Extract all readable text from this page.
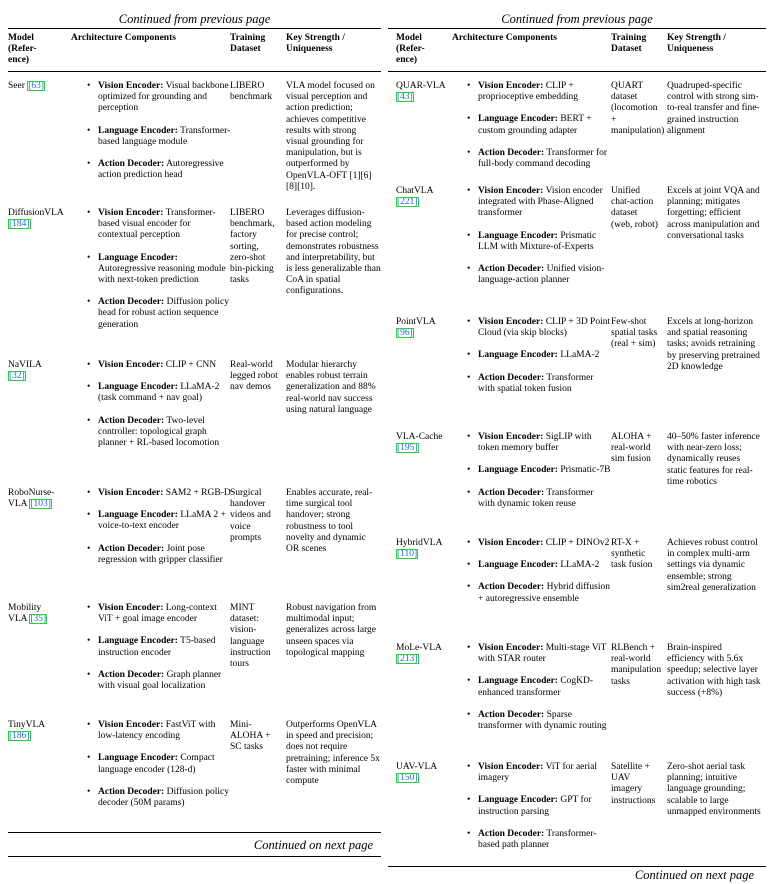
Continued from previous page
Model (Refer- ence)
Architecture Components	Training Dataset
Key Strength / Uniqueness
Seer [63]
•	Vision Encoder: Visual backbone optimized for grounding and perception
• Language Encoder: Transformer-based language module
• Action Decoder: Autoregressive action prediction head
LIBERO benchmark
VLA model focused on visual perception and action prediction; achieves competitive results with strong visual grounding for manipulation, but is outperformed by OpenVLA-OFT [1][6][8][10].
DiffusionVLA [184]
• Vision Encoder: Transformer-based visual encoder for contextual perception
• Language Encoder: Autoregressive reasoning module with next-token prediction
• Action Decoder: Diffusion policy head for robust action sequence generation
LIBERO benchmark, factory sorting, zero-shot bin-picking tasks
Leverages diffusion-based action modeling for precise control; demonstrates robustness and interpretability, but is less generalizable than CoA in spatial configurations.
NaVILA [32]
• Vision Encoder: CLIP + CNN
• Language Encoder: LLaMA-2 (task command + nav goal)
• Action Decoder: Two-level controller: topological graph planner + RL-based locomotion
Real-world legged robot nav demos
Modular hierarchy enables robust terrain generalization and 88% real-world nav success using natural language
RoboNurse-VLA [103]
• Vision Encoder: SAM2 + RGB-D
• Language Encoder: LLaMA 2 + voice-to-text encoder
• Action Decoder: Joint pose regression with gripper classifier
Surgical handover videos and voice prompts
Enables accurate, real-time surgical tool handover; strong robustness to tool novelty and dynamic OR scenes
Mobility VLA [35]
• Vision Encoder: Long-context ViT + goal image encoder
• Language Encoder: T5-based instruction encoder
• Action Decoder: Graph planner with visual goal localization
MINT dataset: vision-language instruction tours
Robust navigation from multimodal input; generalizes across large unseen spaces via topological mapping
TinyVLA [186]
• Vision Encoder: FastViT with low-latency encoding
• Language Encoder: Compact language encoder (128-d)
• Action Decoder: Diffusion policy decoder (50M params)
Mini-ALOHA + SC tasks
Outperforms OpenVLA in speed and precision; does not require pretraining; inference 5x faster with minimal compute
Continued on next page
Continued from previous page
Model (Refer- ence)
Architecture Components	Training Dataset
Key Strength / Uniqueness
QUAR-VLA [43]
• Vision Encoder: CLIP + proprioceptive embedding
• Language Encoder: BERT + custom grounding adapter
• Action Decoder: Transformer for full-body command decoding
QUART dataset (locomotion + manipulation)
Quadruped-specific control with strong sim-to-real transfer and fine-grained instruction alignment
ChatVLA [221]
• Vision Encoder: Vision encoder integrated with Phase-Aligned transformer
• Language Encoder: Prismatic LLM with Mixture-of-Experts
• Action Decoder: Unified vision-language-action planner
Unified chat-action dataset (web, robot)
Excels at joint VQA and planning; mitigates forgetting; efficient across manipulation and conversational tasks
PointVLA [96]
• Vision Encoder: CLIP + 3D Point Cloud (via skip blocks)
• Language Encoder: LLaMA-2
• Action Decoder: Transformer with spatial token fusion
Few-shot spatial tasks (real + sim)
Excels at long-horizon and spatial reasoning tasks; avoids retraining by preserving pretrained 2D knowledge
VLA-Cache [195]
• Vision Encoder: SigLIP with token memory buffer
• Language Encoder: Prismatic-7B
• Action Decoder: Transformer with dynamic token reuse
ALOHA + real-world sim fusion
40–50% faster inference with near-zero loss; dynamically reuses static features for real-time robotics
HybridVLA [110]
• Vision Encoder: CLIP + DINOv2
• Language Encoder: LLaMA-2
• Action Decoder: Hybrid diffusion + autoregressive ensemble
RT-X + synthetic task fusion
Achieves robust control in complex multi-arm settings via dynamic ensemble; strong sim2real generalization
MoLe-VLA [213]
• Vision Encoder: Multi-stage ViT with STAR router
• Language Encoder: CogKD-enhanced transformer
• Action Decoder: Sparse transformer with dynamic routing
RLBench + real-world manipulation tasks
Brain-inspired efficiency with 5.6x speedup; selective layer activation with high task success (+8%)
UAV-VLA [150]
• Vision Encoder: ViT for aerial imagery
• Language Encoder: GPT for instruction parsing
• Action Decoder: Transformer-based path planner
Satellite + UAV imagery instructions
Zero-shot aerial task planning; intuitive language grounding; scalable to large unmapped environments
Continued on next page
